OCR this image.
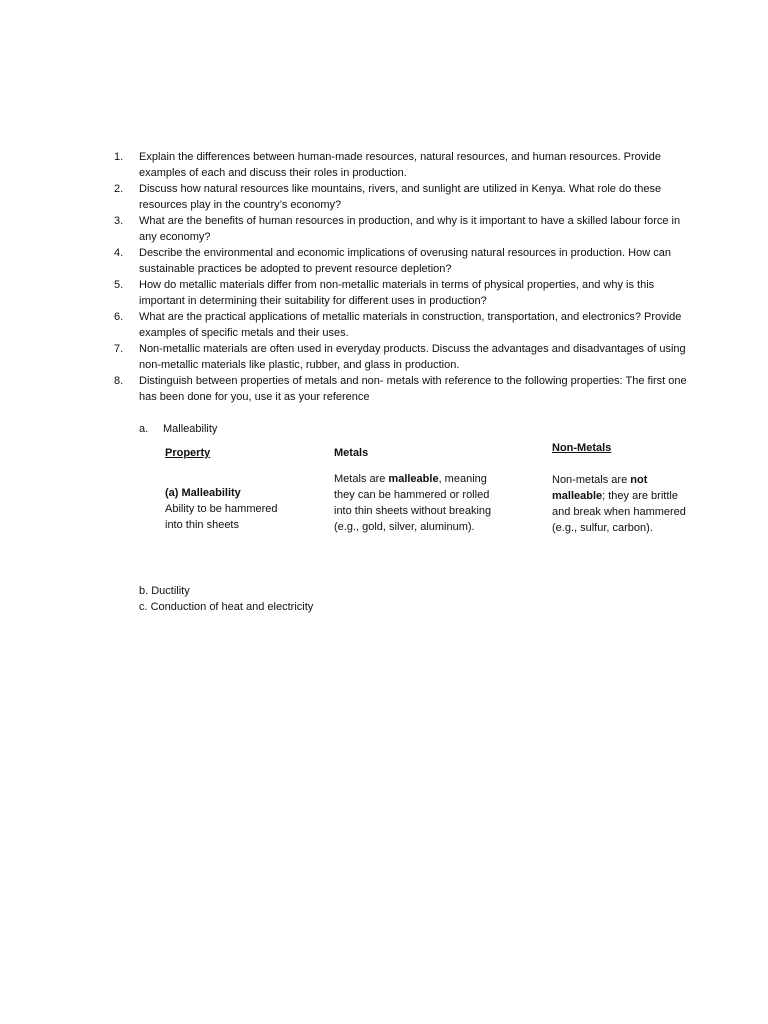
1. Explain the differences between human-made resources, natural resources, and human resources. Provide examples of each and discuss their roles in production.
2. Discuss how natural resources like mountains, rivers, and sunlight are utilized in Kenya. What role do these resources play in the country’s economy?
3. What are the benefits of human resources in production, and why is it important to have a skilled labour force in any economy?
4. Describe the environmental and economic implications of overusing natural resources in production. How can sustainable practices be adopted to prevent resource depletion?
5. How do metallic materials differ from non-metallic materials in terms of physical properties, and why is this important in determining their suitability for different uses in production?
6. What are the practical applications of metallic materials in construction, transportation, and electronics? Provide examples of specific metals and their uses.
7. Non-metallic materials are often used in everyday products. Discuss the advantages and disadvantages of using non-metallic materials like plastic, rubber, and glass in production.
8. Distinguish between properties of metals and non- metals with reference to the following properties: The first one has been done for you, use it as your reference
a. Malleability
Property
(a) Malleability
Ability to be hammered into thin sheets
Metals
Metals are malleable, meaning they can be hammered or rolled into thin sheets without breaking (e.g., gold, silver, aluminum).
Non-Metals
Non-metals are not malleable; they are brittle and break when hammered (e.g., sulfur, carbon).
b. Ductility
c. Conduction of heat and electricity
